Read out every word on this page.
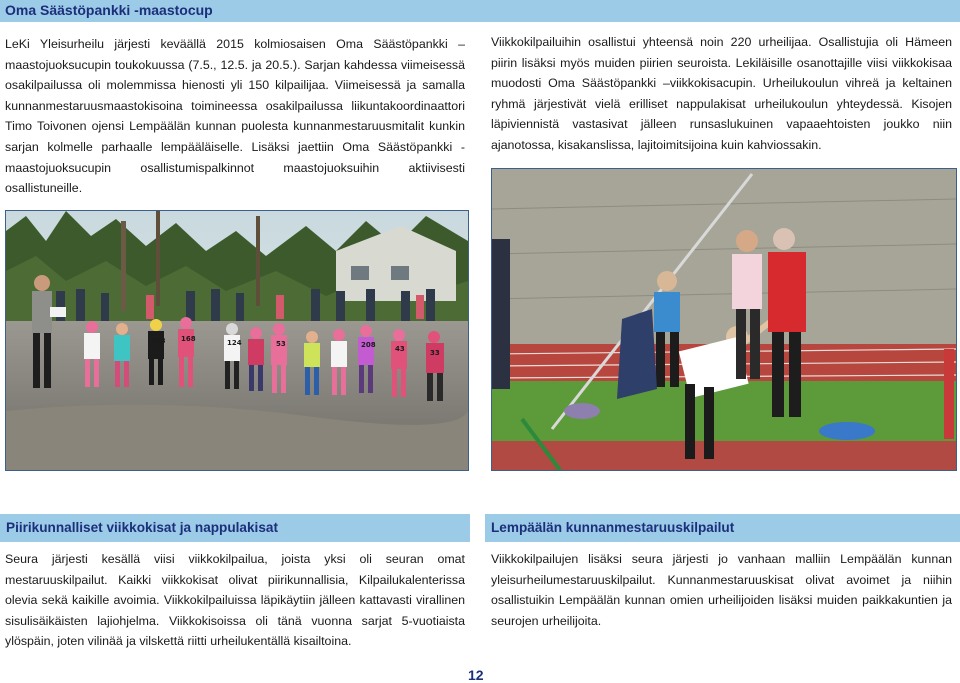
Oma Säästöpankki -maastocup

LeKi Yleisurheilu järjesti keväällä 2015 kolmiosaisen Oma Säästöpankki – maastojuoksucupin toukokuussa (7.5., 12.5. ja 20.5.). Sarjan kahdessa viimeisessä osakilpailussa oli molemmissa hienosti yli 150 kilpailijaa. Viimeisessä ja samalla kunnanmestaruusmaastokisoina toimineessa osakilpailussa liikuntakoordinaattori Timo Toivonen ojensi Lempäälän kunnan puolesta kunnanmestaruusmitalit kunkin sarjan kolmelle parhaalle lempääläiselle. Lisäksi jaettiin Oma Säästöpankki -maastojuoksucupin osallistumispalkinnot maastojuoksuihin aktiivisesti osallistuneille.

Viikkokilpailuihin osallistui yhteensä noin 220 urheilijaa. Osallistujia oli Hämeen piirin lisäksi myös muiden piirien seuroista. Lekiläisille osanottajille viisi viikkokisaa muodosti Oma Säästöpankki –viikkokisacupin. Urheilukoulun vihreä ja keltainen ryhmä järjestivät vielä erilliset nappulakisat urheilukoulun yhteydessä. Kisojen läpiviennistä vastasivat jälleen runsaslukuinen vapaaehtoisten joukko niin ajanotossa, kisakanslissa, lajitoimitsijoina kuin kahviossakin.

123 168	124	208
53
43	33
Piirikunnalliset viikkokisat ja nappulakisat	Lempäälän kunnanmestaruuskilpailut

Seura järjesti kesällä viisi viikkokilpailua, joista yksi oli seuran omat mestaruuskilpailut. Kaikki viikkokisat olivat piirikunnallisia, Kilpailukalenterissa olevia sekä kaikille avoimia. Viikkokilpailuissa läpikäytiin jälleen kattavasti virallinen sisulisäikäisten lajiohjelma. Viikkokisoissa oli tänä vuonna sarjat 5-vuotiaista ylöspäin, joten vilinää ja vilskettä riitti urheilukentällä kisailtoina.

Viikkokilpailujen lisäksi seura järjesti jo vanhaan malliin Lempäälän kunnan yleisurheilumestaruuskilpailut. Kunnanmestaruuskisat olivat avoimet ja niihin osallistuikin Lempäälän kunnan omien urheilijoiden lisäksi muiden paikkakuntien ja seurojen urheilijoita.

12
